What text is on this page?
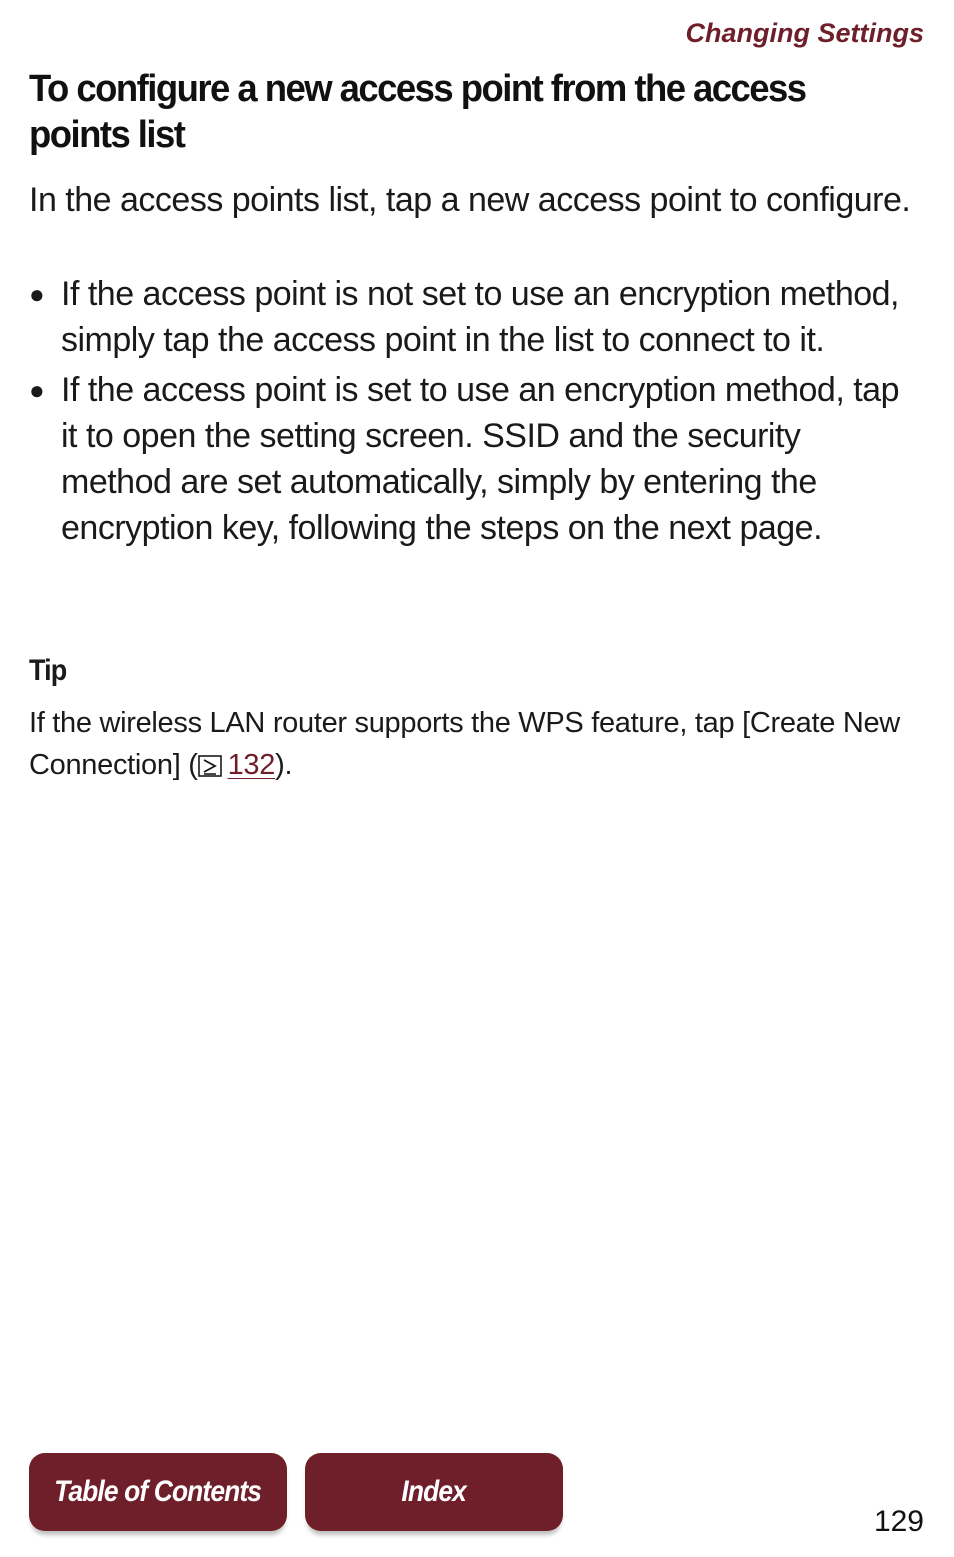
Changing Settings
To configure a new access point from the access points list

In the access points list, tap a new access point to configure.

● If the access point is not set to use an encryption method, simply tap the access point in the list to connect to it.
● If the access point is set to use an encryption method, tap it to open the setting screen. SSID and the security method are set automatically, simply by entering the encryption key, following the steps on the next page.
Tip

If the wireless LAN router supports the WPS feature, tap [Create New Connection] ( 132).

Table of Contents	Index
129
